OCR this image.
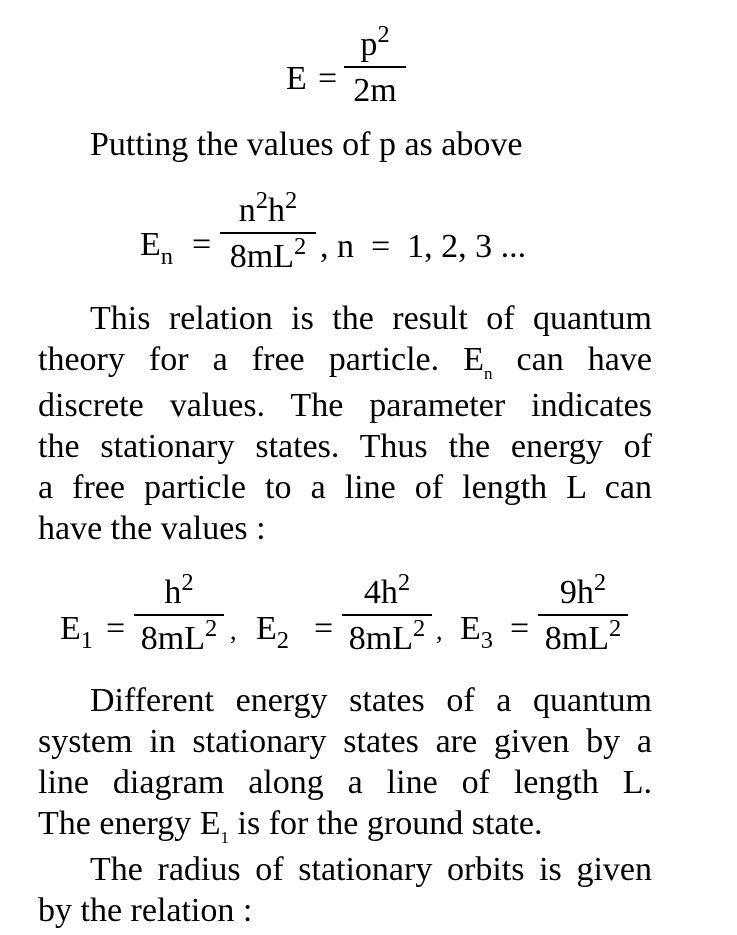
E =
$p^2$
2m
Putting the values of p as above
$E_n$ =
$n^2h^2$
$8mL^2$ , n  =  1, 2, 3 ...
This relation is the result of quantum
theory for a free particle. $E_n$ can have
discrete values. The parameter indicates
the stationary states. Thus the energy of
a free particle to a line of length L can
have the values :
$E_1$ =
$h^2$
$8mL^2$ , $E_2$ =
$4h^2$
$8mL^2$ , $E_3$ =
$9h^2$
$8mL^2$
Different energy states of a quantum
system in stationary states are given by a
line diagram along a line of length L.
The energy $E_1$ is for the ground state.
The radius of stationary orbits is given
by the relation :
